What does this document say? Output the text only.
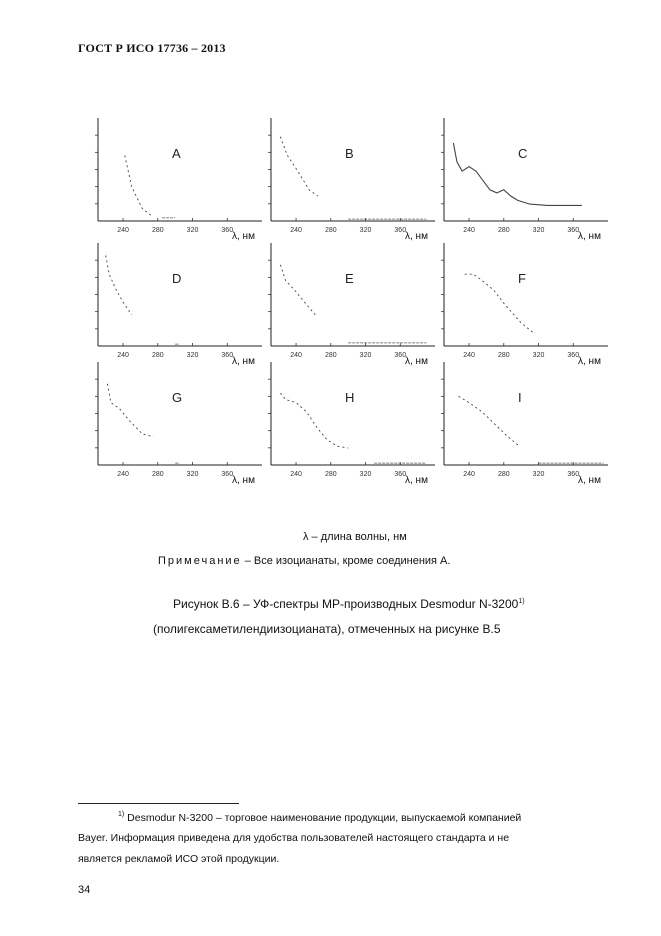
ГОСТ Р ИСО 17736 – 2013
240	280	320	360
λ, нм
A
240	280	320	360
λ, нм
B
240	280	320	360
λ, нм
C
240	280	320	360
λ, нм
D
240	280	320	360
λ, нм
E
240	280	320	360
λ, нм
F
240	280	320	360
λ, нм
G
240	280	320	360
λ, нм
H
240	280	320	360
λ, нм
I
λ – длина волны, нм
Примечание – Все изоцианаты, кроме соединения А.
Рисунок B.6 – УФ-спектры МР-производных Desmodur N-3200$^{1)}$
(полигексаметилендиизоцианата), отмеченных на рисунке B.5
$^{1)}$ Desmodur N-3200 – торговое наименование продукции, выпускаемой компанией
Bayer. Информация приведена для удобства пользователей настоящего стандарта и не
является рекламой ИСО этой продукции.
34
